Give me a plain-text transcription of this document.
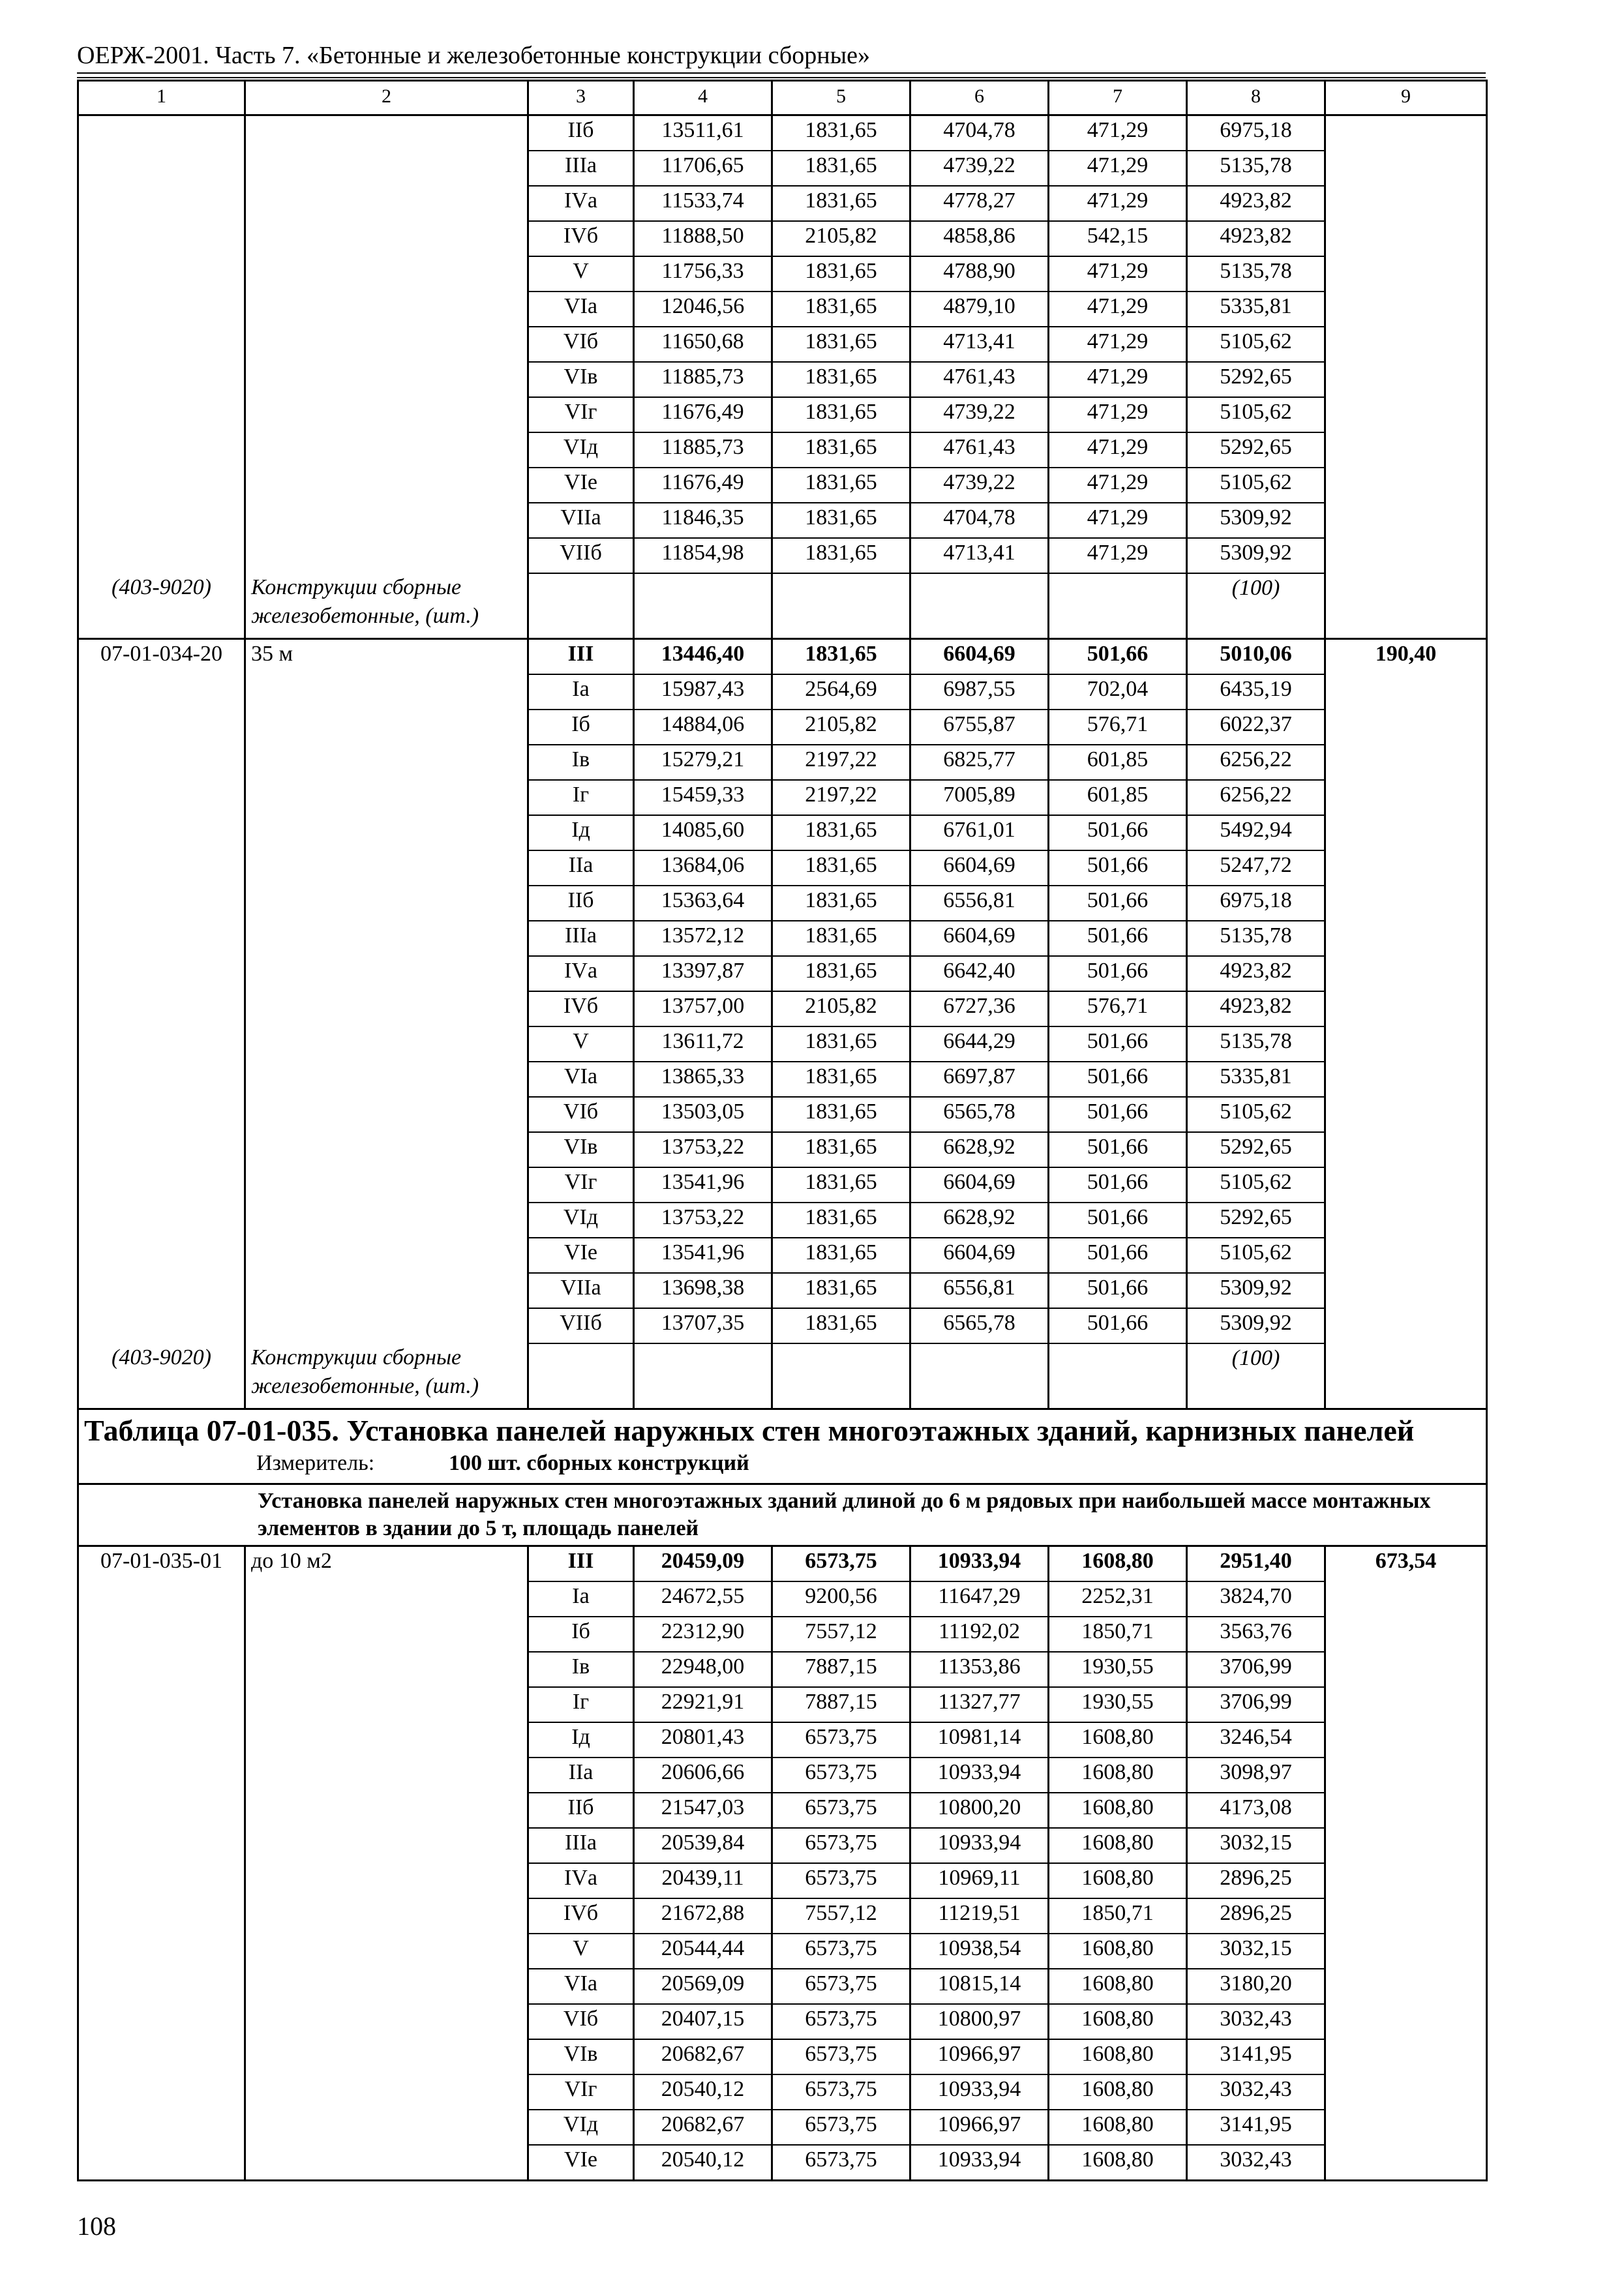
ОЕРЖ-2001. Часть 7. «Бетонные и железобетонные конструкции сборные»
1	2	3	4	5	6	7	8	9
		IIб	13511,61	1831,65	4704,78	471,29	6975,18	
		IIIа	11706,65	1831,65	4739,22	471,29	5135,78	
		IVа	11533,74	1831,65	4778,27	471,29	4923,82	
		IVб	11888,50	2105,82	4858,86	542,15	4923,82	
		V	11756,33	1831,65	4788,90	471,29	5135,78	
		VIа	12046,56	1831,65	4879,10	471,29	5335,81	
		VIб	11650,68	1831,65	4713,41	471,29	5105,62	
		VIв	11885,73	1831,65	4761,43	471,29	5292,65	
		VIг	11676,49	1831,65	4739,22	471,29	5105,62	
		VIд	11885,73	1831,65	4761,43	471,29	5292,65	
		VIе	11676,49	1831,65	4739,22	471,29	5105,62	
		VIIа	11846,35	1831,65	4704,78	471,29	5309,92	
		VIIб	11854,98	1831,65	4713,41	471,29	5309,92	
(403-9020)	Конструкции сборные железобетонные, (шт.)						(100)	
07-01-034-20	35 м	III	13446,40	1831,65	6604,69	501,66	5010,06	190,40
		Iа	15987,43	2564,69	6987,55	702,04	6435,19	
		Iб	14884,06	2105,82	6755,87	576,71	6022,37	
		Iв	15279,21	2197,22	6825,77	601,85	6256,22	
		Iг	15459,33	2197,22	7005,89	601,85	6256,22	
		Iд	14085,60	1831,65	6761,01	501,66	5492,94	
		IIа	13684,06	1831,65	6604,69	501,66	5247,72	
		IIб	15363,64	1831,65	6556,81	501,66	6975,18	
		IIIа	13572,12	1831,65	6604,69	501,66	5135,78	
		IVа	13397,87	1831,65	6642,40	501,66	4923,82	
		IVб	13757,00	2105,82	6727,36	576,71	4923,82	
		V	13611,72	1831,65	6644,29	501,66	5135,78	
		VIа	13865,33	1831,65	6697,87	501,66	5335,81	
		VIб	13503,05	1831,65	6565,78	501,66	5105,62	
		VIв	13753,22	1831,65	6628,92	501,66	5292,65	
		VIг	13541,96	1831,65	6604,69	501,66	5105,62	
		VIд	13753,22	1831,65	6628,92	501,66	5292,65	
		VIе	13541,96	1831,65	6604,69	501,66	5105,62	
		VIIа	13698,38	1831,65	6556,81	501,66	5309,92	
		VIIб	13707,35	1831,65	6565,78	501,66	5309,92	
(403-9020)	Конструкции сборные железобетонные, (шт.)						(100)	

Таблица 07-01-035. Установка панелей наружных стен многоэтажных зданий, карнизных панелей
Измеритель: 100 шт. сборных конструкций								

Установка панелей наружных стен многоэтажных зданий длиной до 6 м рядовых при наибольшей массе монтажных элементов в здании до 5 т, площадь панелей								

07-01-035-01	до 10 м2	III	20459,09	6573,75	10933,94	1608,80	2951,40	673,54
		Iа	24672,55	9200,56	11647,29	2252,31	3824,70	
		Iб	22312,90	7557,12	11192,02	1850,71	3563,76	
		Iв	22948,00	7887,15	11353,86	1930,55	3706,99	
		Iг	22921,91	7887,15	11327,77	1930,55	3706,99	
		Iд	20801,43	6573,75	10981,14	1608,80	3246,54	
		IIа	20606,66	6573,75	10933,94	1608,80	3098,97	
		IIб	21547,03	6573,75	10800,20	1608,80	4173,08	
		IIIа	20539,84	6573,75	10933,94	1608,80	3032,15	
		IVа	20439,11	6573,75	10969,11	1608,80	2896,25	
		IVб	21672,88	7557,12	11219,51	1850,71	2896,25	
		V	20544,44	6573,75	10938,54	1608,80	3032,15	
		VIа	20569,09	6573,75	10815,14	1608,80	3180,20	
		VIб	20407,15	6573,75	10800,97	1608,80	3032,43	
		VIв	20682,67	6573,75	10966,97	1608,80	3141,95	
		VIг	20540,12	6573,75	10933,94	1608,80	3032,43	
		VIд	20682,67	6573,75	10966,97	1608,80	3141,95	
		VIе	20540,12	6573,75	10933,94	1608,80	3032,43	
108
